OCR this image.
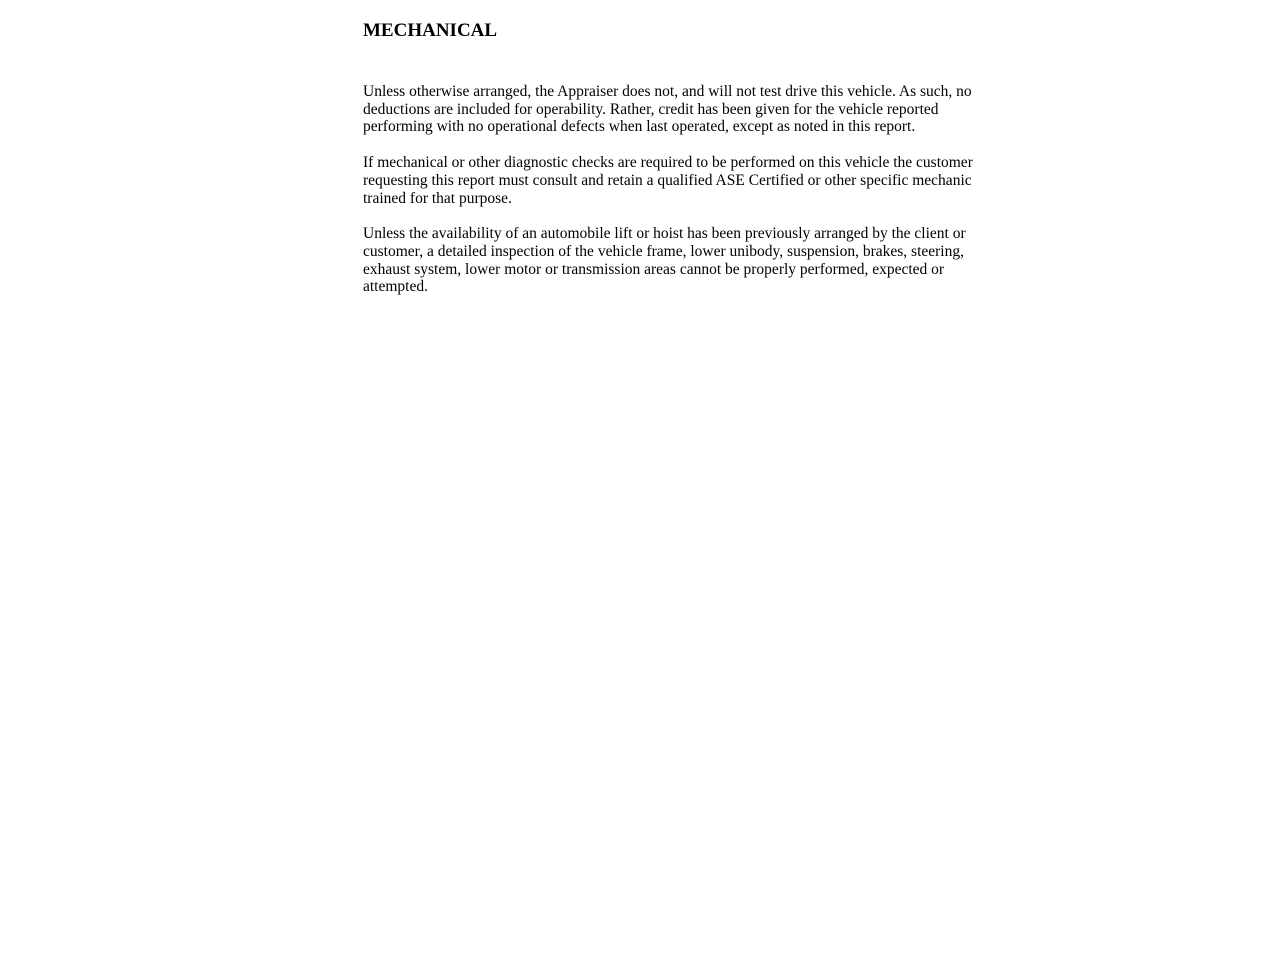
MECHANICAL

Unless otherwise arranged, the Appraiser does not, and will not test drive this vehicle. As such, no deductions are included for operability. Rather, credit has been given for the vehicle reported performing with no operational defects when last operated, except as noted in this report.

If mechanical or other diagnostic checks are required to be performed on this vehicle the customer requesting this report must consult and retain a qualified ASE Certified or other specific mechanic trained for that purpose.

Unless the availability of an automobile lift or hoist has been previously arranged by the client or customer, a detailed inspection of the vehicle frame, lower unibody, suspension, brakes, steering, exhaust system, lower motor or transmission areas cannot be properly performed, expected or attempted.
